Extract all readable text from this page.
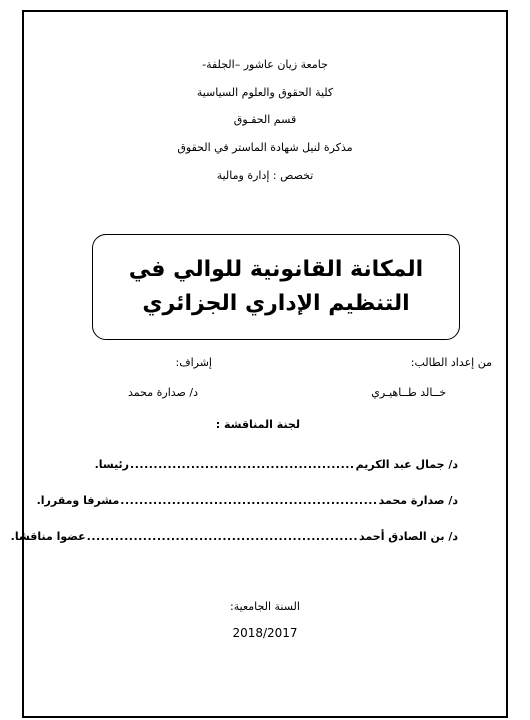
جامعة زيان عاشور –الجلفة-
كلية الحقوق والعلوم السياسية
قسم الحقـوق
مذكرة لنيل شهادة الماستر في الحقوق
تخصص : إدارة ومالية
المكانة القانونية للوالي في التنظيم الإداري الجزائري
من إعداد الطالب:
إشراف:
خــالد طــاهيـري
د/ صدارة محمد
لجنة المناقشة :
د/ جمال عبد الكريم
................................................
رئيسا.
د/ صدارة محمد
.......................................................
مشرفا ومقررا.
د/ بن الصادق أحمد
..........................................................
عضوا مناقشا.
السنة الجامعية:
2018/2017
